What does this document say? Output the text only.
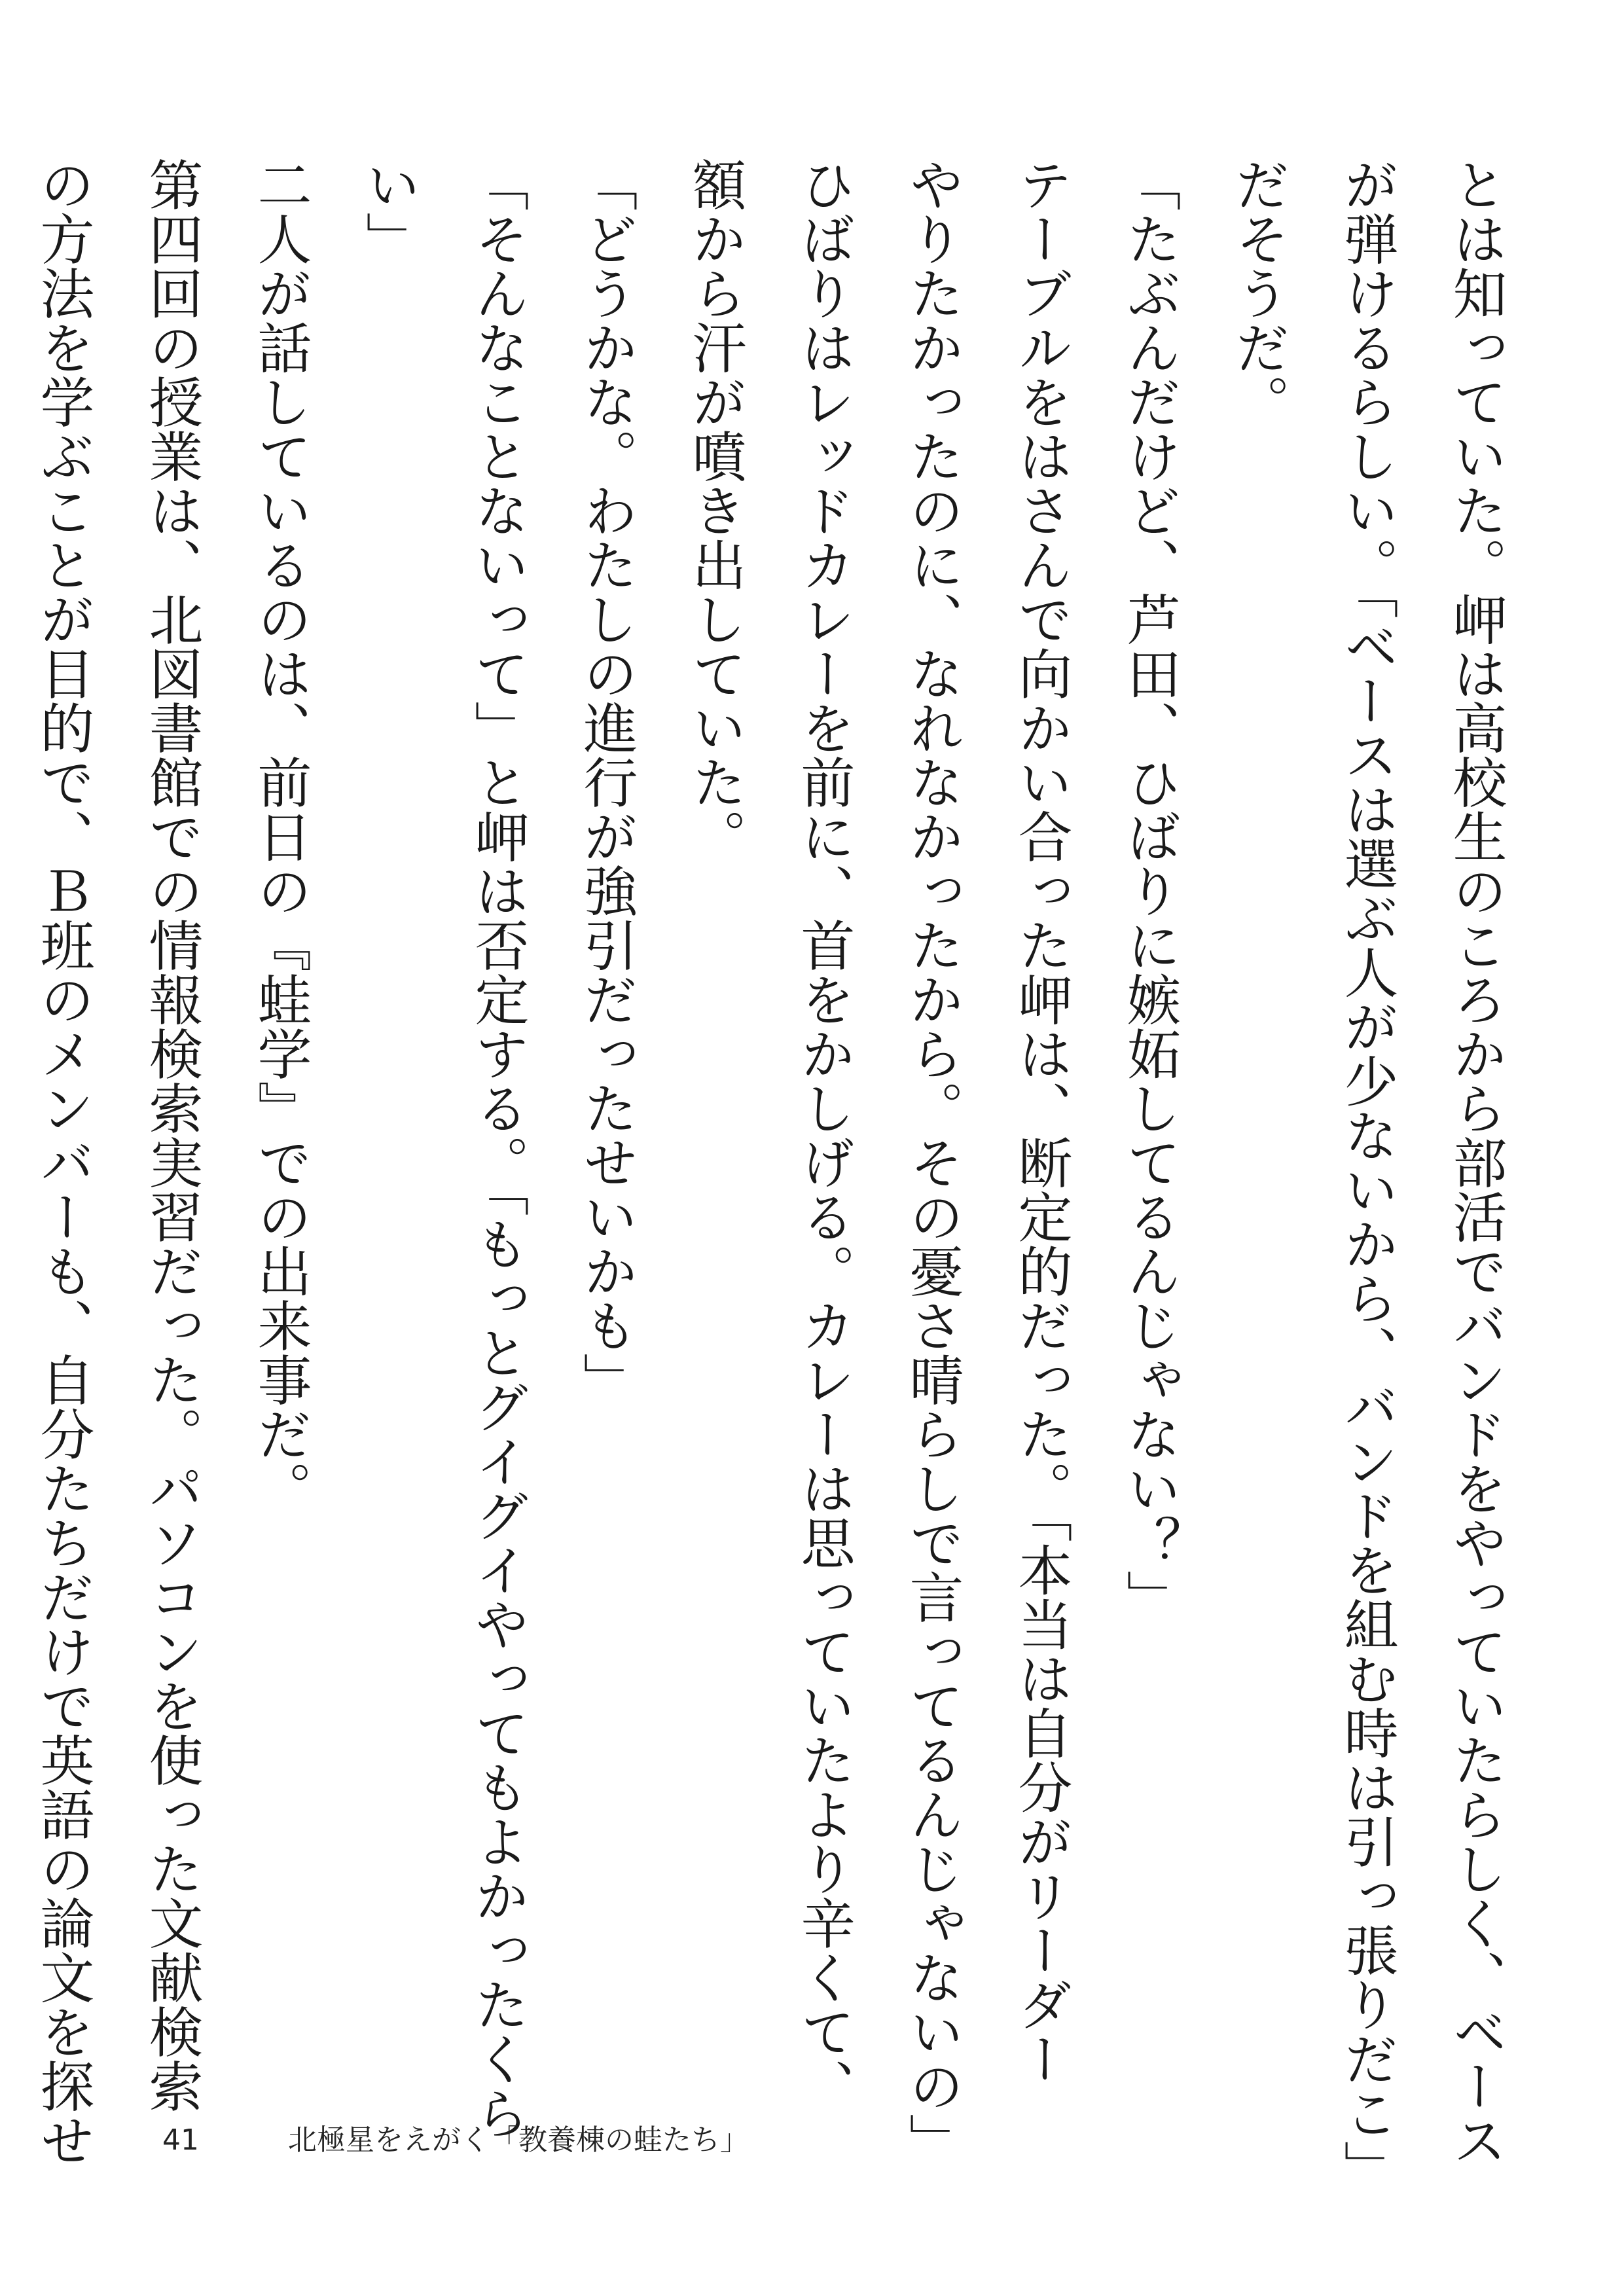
とは知っていた。岬は高校生のころから部活でバンドをやっていたらしく、ベース

が弾けるらしい。「ベースは選ぶ人が少ないから、バンドを組む時は引っ張りだこ」

だそうだ。

「たぶんだけど、芦田、ひばりに嫉妬してるんじゃない？」

テーブルをはさんで向かい合った岬は、断定的だった。「本当は自分がリーダー

やりたかったのに、なれなかったから。その憂さ晴らしで言ってるんじゃないの」

ひばりはレッドカレーを前に、首をかしげる。カレーは思っていたより辛くて、

額から汗が噴き出していた。

「どうかな。わたしの進行が強引だったせいかも」

「そんなことないって」と岬は否定する。「もっとグイグイやってもよかったくら

い」

二人が話しているのは、前日の『蛙学』での出来事だ。

第四回の授業は、北図書館での情報検索実習だった。パソコンを使った文献検索

の方法を学ぶことが目的で、Ｂ班のメンバーも、自分たちだけで英語の論文を探せ

　	41	北極星をえがく「教養棟の蛙たち」
